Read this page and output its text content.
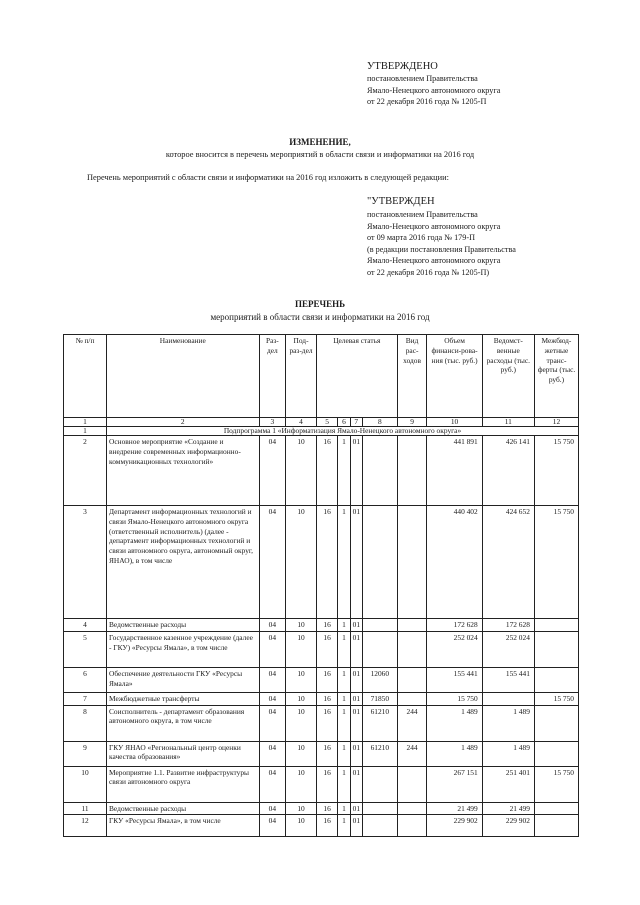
УТВЕРЖДЕНО
постановлением Правительства
Ямало-Ненецкого автономного округа
от 22 декабря 2016 года № 1205-П
ИЗМЕНЕНИЕ,
которое вносится в перечень мероприятий в области связи и информатики на 2016 год
Перечень мероприятий с области связи и информатики на 2016 год изложить в следующей редакции:
"УТВЕРЖДЕН
постановлением Правительства
Ямало-Ненецкого автономного округа
от 09 марта 2016 года № 179-П
(в редакции постановления Правительства
Ямало-Ненецкого автономного округа
от 22 декабря 2016 года № 1205-П)
ПЕРЕЧЕНЬ
мероприятий в области связи и информатики на 2016 год
№ п/п	Наименование	Раз-дел	Под-раз-дел	Целевая статья				Вид рас-ходов	Объем финанси-рова-ния (тыс. руб.)	Ведомст-венные расходы (тыс. руб.)	Межбюд-жетные транс-ферты (тыс. руб.)
1	2	3	4	5	6	7	8	9	10	11	12
1	Подпрограмма 1 «Информатизация Ямало-Ненецкого автономного округа»										
2	Основное мероприятие «Создание и внедрение современных информационно-коммуникационных технологий»	04	10	16	1	01			441 891	426 141	15 750
3	Департамент информационных технологий и связи Ямало-Ненецкого автономного округа (ответственный исполнитель) (далее - департамент информационных технологий и связи автономного округа, автономный округ, ЯНАО), в том числе	04	10	16	1	01			440 402	424 652	15 750
4	Ведомственные расходы	04	10	16	1	01			172 628	172 628	
5	Государственное казенное учреждение (далее - ГКУ) «Ресурсы Ямала», в том числе	04	10	16	1	01			252 024	252 024	
6	Обеспечение деятельности ГКУ «Ресурсы Ямала»	04	10	16	1	01	12060		155 441	155 441	
7	Межбюджетные трансферты	04	10	16	1	01	71850		15 750		15 750
8	Соисполнитель - департамент образования автономного округа, в том числе	04	10	16	1	01	61210	244	1 489	1 489	
9	ГКУ ЯНАО «Региональный центр оценки качества образования»	04	10	16	1	01	61210	244	1 489	1 489	
10	Мероприятие 1.1. Развитие инфраструктуры связи автономного округа	04	10	16	1	01			267 151	251 401	15 750
11	Ведомственные расходы	04	10	16	1	01			21 499	21 499	
12	ГКУ «Ресурсы Ямала», в том числе	04	10	16	1	01			229 902	229 902	
